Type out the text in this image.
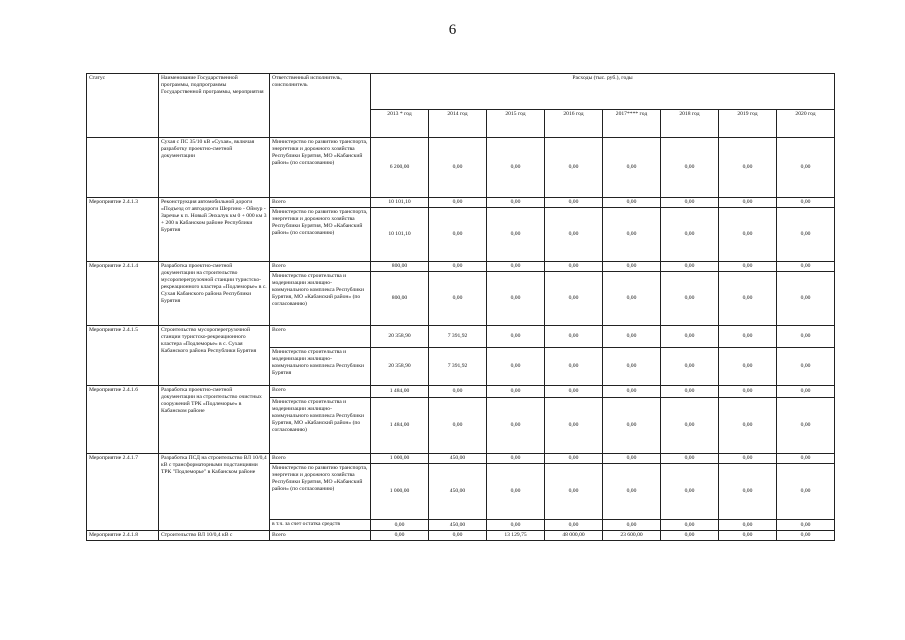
6
Статус	Наименование Государственной программы, подпрограммы Государственной программы, мероприятия	Ответственный исполнитель, соисполнитель	Расходы (тыс. руб.), годы							
			2013 * год	2014 год	2015 год	2016 год	2017**** год	2018 год	2019 год	2020 год
	Сухая с ПС 35/10 кВ «Сухая», включая разработку проектно-сметной документации	Министерство по развитию транспорта, энергетики и дорожного хозяйства Республики Бурятия, МО «Кабанский район» (по согласованию)	6 200,00	0,00	0,00	0,00	0,00	0,00	0,00	0,00
Мероприятие 2.4.1.3	Реконструкция автомобильной дороги «Подъезд от автодороги Шергино - Оймур - Заречье к п. Новый Энхалук км 0 + 000 км 3 + 200 в Кабанском районе Республики Бурятия	Всего	10 101,10	0,00	0,00	0,00	0,00	0,00	0,00	0,00
		Министерство по развитию транспорта, энергетики и дорожного хозяйства Республики Бурятия, МО «Кабанский район» (по согласованию)	10 101,10	0,00	0,00	0,00	0,00	0,00	0,00	0,00
Мероприятие 2.4.1.4	Разработка проектно-сметной документации на строительство мусороперегрузочной станции туристско-рекреационного кластера «Подлеморье» в с. Сухая Кабанского района Республики Бурятия	Всего	800,00	0,00	0,00	0,00	0,00	0,00	0,00	0,00
		Министерство строительства и модернизации жилищно-коммунального комплекса Республики Бурятия, МО «Кабанский район» (по согласованию)	800,00	0,00	0,00	0,00	0,00	0,00	0,00	0,00
Мероприятие 2.4.1.5	Строительство мусороперегрузочной станции туристско-рекреационного кластера «Подлеморье» в с. Сухая Кабанского района Республики Бурятия	Всего	20 358,90	7 391,92	0,00	0,00	0,00	0,00	0,00	0,00
		Министерство строительства и модернизации жилищно-коммунального комплекса Республики Бурятия	20 358,90	7 391,92	0,00	0,00	0,00	0,00	0,00	0,00
Мероприятие 2.4.1.6	Разработка проектно-сметной документации на строительство очистных сооружений ТРК «Подлеморье» в Кабанском районе	Всего	1 484,00	0,00	0,00	0,00	0,00	0,00	0,00	0,00
		Министерство строительства и модернизации жилищно-коммунального комплекса Республики Бурятия, МО «Кабанский район» (по согласованию)	1 484,00	0,00	0,00	0,00	0,00	0,00	0,00	0,00
Мероприятие 2.4.1.7	Разработка ПСД на строительство ВЛ 10/0,4 кВ с трансформаторными подстанциями ТРК "Подлеморье" в Кабанском районе	Всего	1 000,00	450,00	0,00	0,00	0,00	0,00	0,00	0,00
		Министерство по развитию транспорта, энергетики и дорожного хозяйства Республики Бурятия, МО «Кабанский район» (по согласованию)	1 000,00	450,00	0,00	0,00	0,00	0,00	0,00	0,00
		в т.ч. за счет остатка средств	0,00	450,00	0,00	0,00	0,00	0,00	0,00	0,00
Мероприятие 2.4.1.8	Строительство ВЛ 10/0,4 кВ с	Всего	0,00	0,00	13 129,75	48 000,00	23 600,00	0,00	0,00	0,00
